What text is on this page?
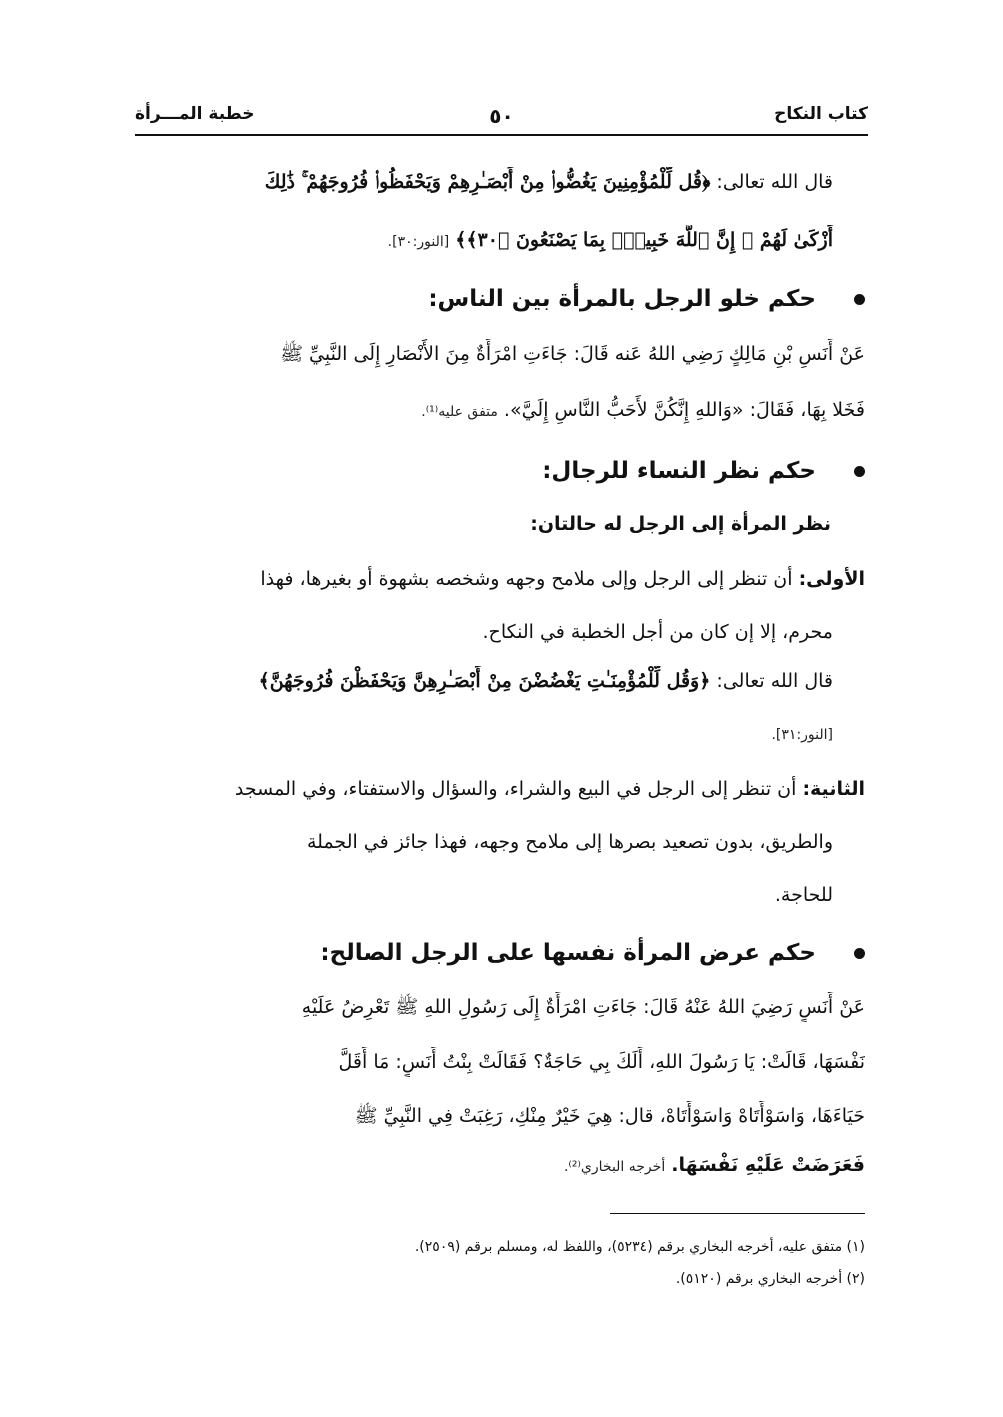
كتاب النكاح
٥٠
خطبة المـــرأة
قال الله تعالى: ﴿قُل لِّلْمُؤْمِنِينَ يَغُضُّوا۟ مِنْ أَبْصَـٰرِهِمْ وَيَحْفَظُوا۟ فُرُوجَهُمْ ۚ ذَٰلِكَ
أَزْكَىٰ لَهُمْ ۗ إِنَّ ٱللَّهَ خَبِيرٌۢ بِمَا يَصْنَعُونَ ﴿٣٠﴾﴾ [النور:٣٠].
حكم خلو الرجل بالمرأة بين الناس:
عَنْ أَنَسِ بْنِ مَالِكٍ رَضِي اللهُ عَنه قَالَ: جَاءَتِ امْرَأَةٌ مِنَ الأَنْصَارِ إِلَى النَّبِيِّ ﷺ
فَخَلا بِهَا، فَقَالَ: «وَاللهِ إِنَّكُنَّ لأَحَبُّ النَّاسِ إِلَيَّ». متفق عليه⁽¹⁾.
حكم نظر النساء للرجال:
نظر المرأة إلى الرجل له حالتان:
الأولى: أن تنظر إلى الرجل وإلى ملامح وجهه وشخصه بشهوة أو بغيرها، فهذا
محرم، إلا إن كان من أجل الخطبة في النكاح.
قال الله تعالى: ﴿وَقُل لِّلْمُؤْمِنَـٰتِ يَغْضُضْنَ مِنْ أَبْصَـٰرِهِنَّ وَيَحْفَظْنَ فُرُوجَهُنَّ﴾
[النور:٣١].
الثانية: أن تنظر إلى الرجل في البيع والشراء، والسؤال والاستفتاء، وفي المسجد
والطريق، بدون تصعيد بصرها إلى ملامح وجهه، فهذا جائز في الجملة
للحاجة.
حكم عرض المرأة نفسها على الرجل الصالح:
عَنْ أَنَسٍ رَضِيَ اللهُ عَنْهُ قَالَ: جَاءَتِ امْرَأَةٌ إِلَى رَسُولِ اللهِ ﷺ تَعْرِضُ عَلَيْهِ
نَفْسَهَا، قَالَتْ: يَا رَسُولَ اللهِ، أَلَكَ بِي حَاجَةٌ؟ فَقَالَتْ بِنْتُ أَنَسٍ: مَا أَقَلَّ
حَيَاءَهَا، وَاسَوْأَتَاهْ وَاسَوْأَتَاهْ، قال: هِيَ خَيْرٌ مِنْكِ، رَغِبَتْ فِي النَّبِيِّ ﷺ
فَعَرَضَتْ عَلَيْهِ نَفْسَهَا. أخرجه البخاري⁽²⁾.
(١) متفق عليه، أخرجه البخاري برقم (٥٢٣٤)، واللفظ له، ومسلم برقم (٢٥٠٩).
(٢) أخرجه البخاري برقم (٥١٢٠).
